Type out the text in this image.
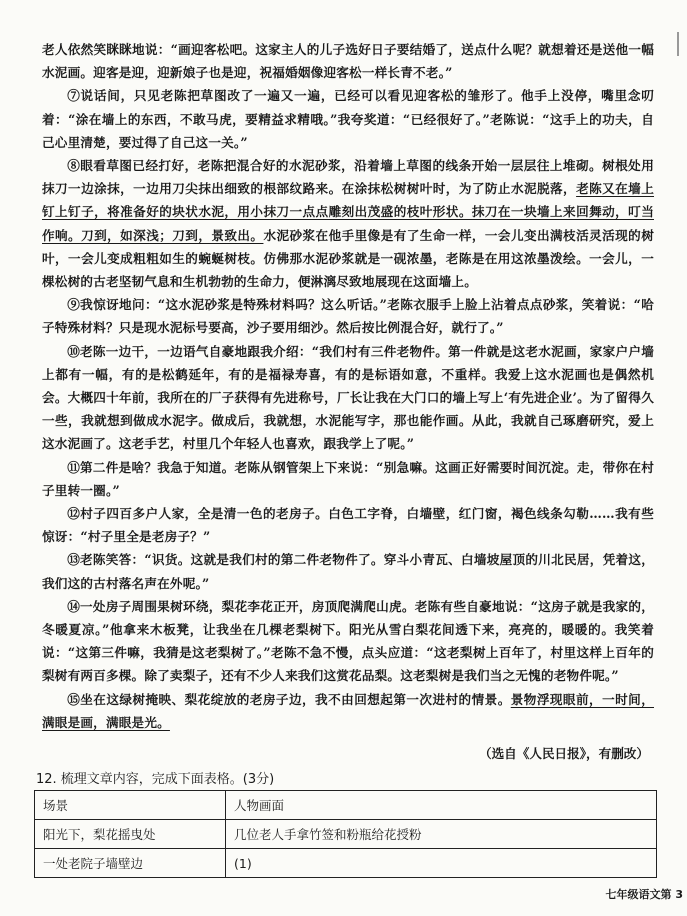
老人依然笑眯眯地说：“画迎客松吧。这家主人的儿子选好日子要结婚了，送点什么呢？就想着还是送他一幅水泥画。迎客是迎，迎新娘子也是迎，祝福婚姻像迎客松一样长青不老。”

⑦说话间，只见老陈把草图改了一遍又一遍，已经可以看见迎客松的雏形了。他手上没停，嘴里念叨着：“涂在墙上的东西，不敢马虎，要精益求精哦。”我夸奖道：“已经很好了。”老陈说：“这手上的功夫，自己心里清楚，要过得了自己这一关。”

⑧眼看草图已经打好，老陈把混合好的水泥砂浆，沿着墙上草图的线条开始一层层往上堆砌。树根处用抹刀一边涂抹，一边用刀尖抹出细致的根部纹路来。在涂抹松树树叶时，为了防止水泥脱落，老陈又在墙上钉上钉子，将准备好的块状水泥，用小抹刀一点点雕刻出茂盛的枝叶形状。抹刀在一块墙上来回舞动，叮当作响。刀到，如深浅；刀到，景致出。水泥砂浆在他手里像是有了生命一样，一会儿变出满枝活灵活现的树叶，一会儿变成粗粗如生的蜿蜒树枝。仿佛那水泥砂浆就是一砚浓墨，老陈是在用这浓墨泼绘。一会儿，一棵松树的古老坚韧气息和生机勃勃的生命力，便淋漓尽致地展现在这面墙上。

⑨我惊讶地问：“这水泥砂浆是特殊材料吗？这么听话。”老陈衣服手上脸上沾着点点砂浆，笑着说：“哈子特殊材料？只是现水泥标号要高，沙子要用细沙。然后按比例混合好，就行了。”

⑩老陈一边干，一边语气自豪地跟我介绍：“我们村有三件老物件。第一件就是这老水泥画，家家户户墙上都有一幅，有的是松鹤延年，有的是福禄寿喜，有的是标语如意，不重样。我爱上这水泥画也是偶然机会。大概四十年前，我所在的厂子获得有先进称号，厂长让我在大门口的墙上写上‘有先进企业’。为了留得久一些，我就想到做成水泥字。做成后，我就想，水泥能写字，那也能作画。从此，我就自己琢磨研究，爱上这水泥画了。这老手艺，村里几个年轻人也喜欢，跟我学上了呢。”

⑪第二件是啥？我急于知道。老陈从钢管架上下来说：“别急嘛。这画正好需要时间沉淀。走，带你在村子里转一圈。”

⑫村子四百多户人家，全是清一色的老房子。白色工字脊，白墙壁，红门窗，褐色线条勾勒……我有些惊讶：“村子里全是老房子？”

⑬老陈笑答：“识货。这就是我们村的第二件老物件了。穿斗小青瓦、白墙坡屋顶的川北民居，凭着这，我们这的古村落名声在外呢。”

⑭一处房子周围果树环绕，梨花李花正开，房顶爬满爬山虎。老陈有些自豪地说：“这房子就是我家的，冬暖夏凉。”他拿来木板凳，让我坐在几棵老梨树下。阳光从雪白梨花间透下来，亮亮的，暖暖的。我笑着说：“这第三件嘛，我猜是这老梨树了。”老陈不急不慢，点头应道：“这老梨树上百年了，村里这样上百年的梨树有两百多棵。除了卖梨子，还有不少人来我们这赏花品梨。这老梨树是我们当之无愧的老物件呢。”

⑮坐在这绿树掩映、梨花绽放的老房子边，我不由回想起第一次进村的情景。景物浮现眼前，一时间，满眼是画，满眼是光。

（选自《人民日报》，有删改）
12. 梳理文章内容，完成下面表格。(3分)
场景	人物画面
阳光下，梨花摇曳处	几位老人手拿竹签和粉瓶给花授粉
一处老院子墙壁边	(1)
七年级语文第 3
